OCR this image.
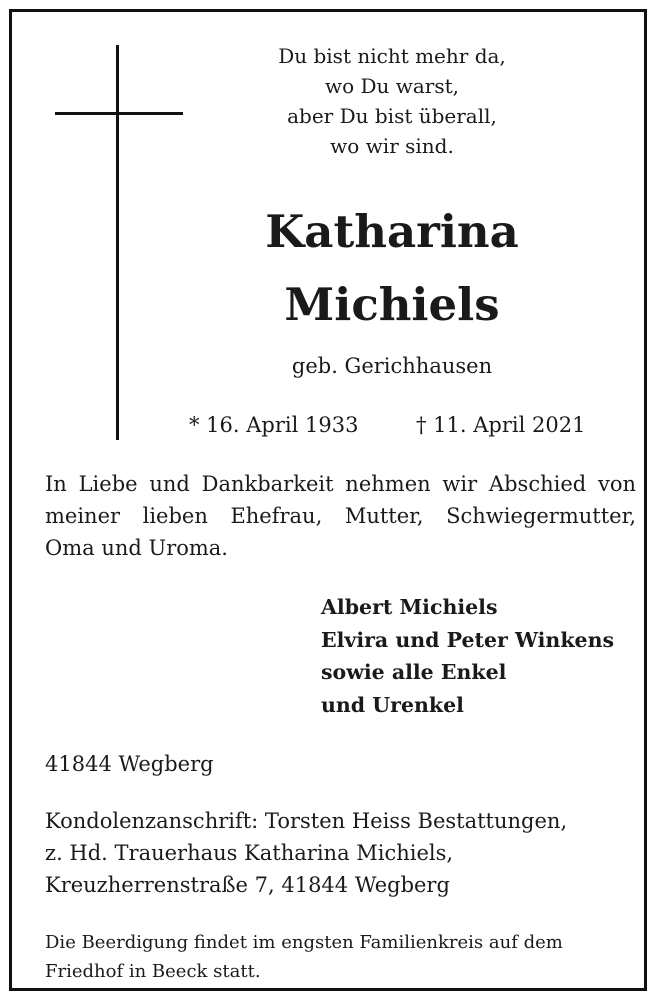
Du bist nicht mehr da,
wo Du warst,
aber Du bist überall,
wo wir sind.
Katharina
Michiels
geb. Gerichhausen
* 16. April 1933	† 11. April 2021
In Liebe und Dankbarkeit nehmen wir Abschied von
meiner lieben Ehefrau, Mutter, Schwiegermutter,
Oma und Uroma.
Albert Michiels
Elvira und Peter Winkens
sowie alle Enkel
und Urenkel
41844 Wegberg
Kondolenzanschrift: Torsten Heiss Bestattungen,
z. Hd. Trauerhaus Katharina Michiels,
Kreuzherrenstraße 7, 41844 Wegberg
Die Beerdigung findet im engsten Familienkreis auf dem
Friedhof in Beeck statt.
